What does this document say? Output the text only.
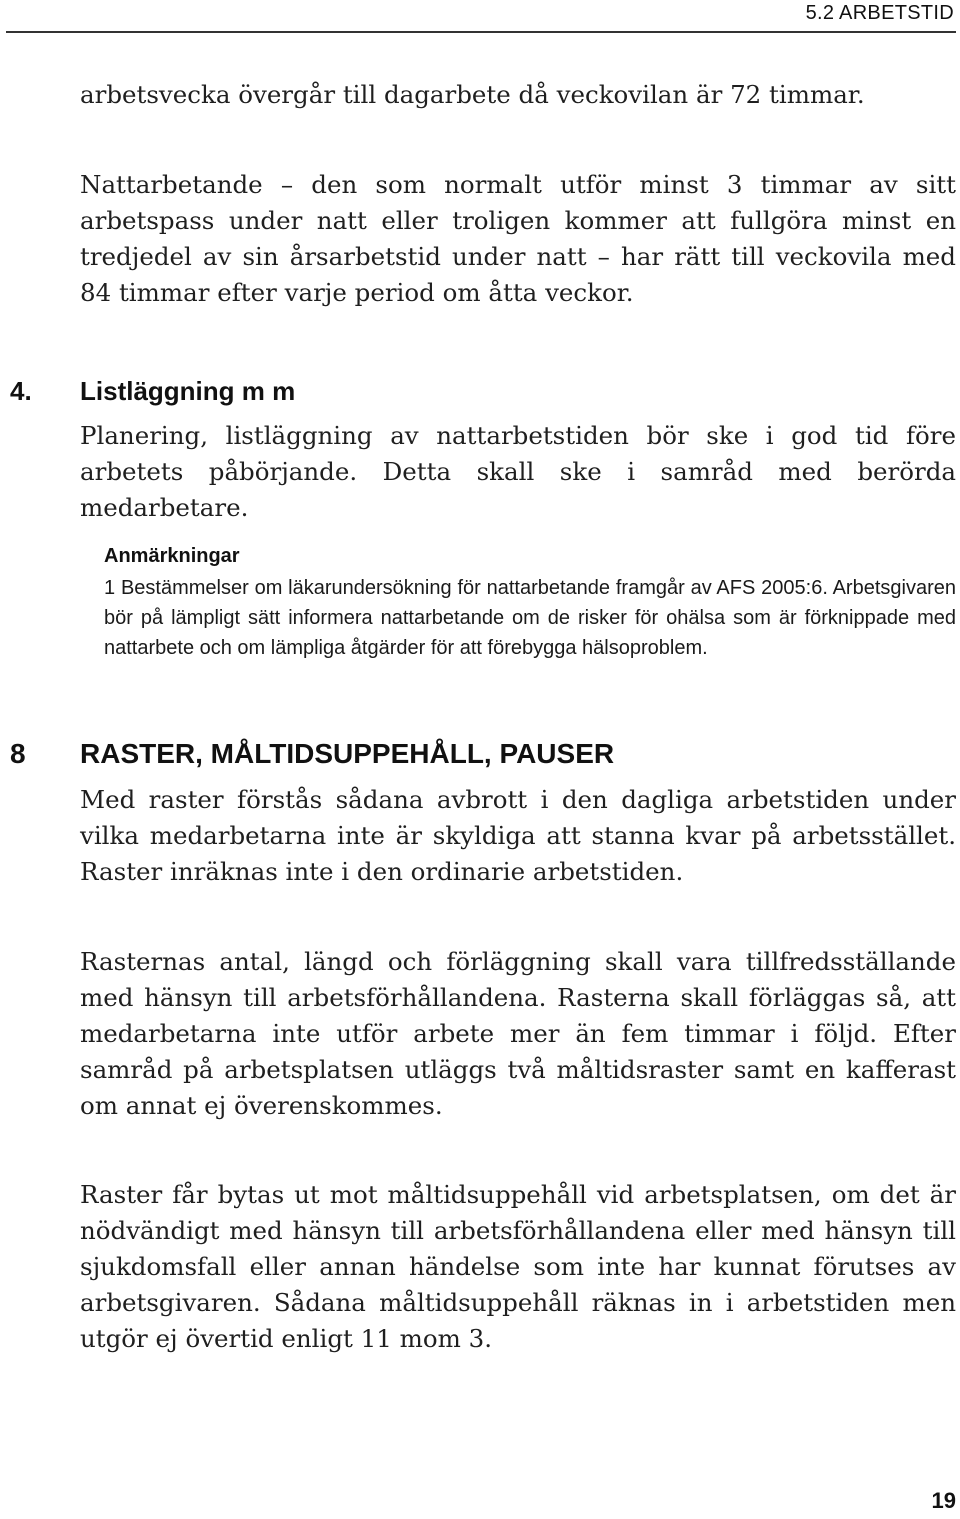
5.2 ARBETSTID

arbetsvecka övergår till dagarbete då veckovilan är 72 timmar.

Nattarbetande – den som normalt utför minst 3 timmar av sitt arbetspass under natt eller troligen kommer att fullgöra minst en tredjedel av sin årsarbetstid under natt – har rätt till veckovila med 84 timmar efter varje period om åtta veckor.

4. Listläggning m m

Planering, listläggning av nattarbetstiden bör ske i god tid före arbetets påbörjande. Detta skall ske i samråd med berörda medarbetare.

Anmärkningar

1 Bestämmelser om läkarundersökning för nattarbetande framgår av AFS 2005:6. Arbetsgivaren bör på lämpligt sätt informera nattarbetande om de risker för ohälsa som är förknippade med nattarbete och om lämpliga åtgärder för att förebygga hälsoproblem.

8 RASTER, MÅLTIDSUPPEHÅLL, PAUSER

Med raster förstås sådana avbrott i den dagliga arbetstiden under vilka medarbetarna inte är skyldiga att stanna kvar på arbetsstället. Raster inräknas inte i den ordinarie arbetstiden.

Rasternas antal, längd och förläggning skall vara tillfredsställande med hänsyn till arbetsförhållandena. Rasterna skall förläggas så, att medarbetarna inte utför arbete mer än fem timmar i följd. Efter samråd på arbetsplatsen utläggs två måltidsraster samt en kafferast om annat ej överenskommes.

Raster får bytas ut mot måltidsuppehåll vid arbetsplatsen, om det är nödvändigt med hänsyn till arbetsförhållandena eller med hänsyn till sjukdomsfall eller annan händelse som inte har kunnat förutses av arbetsgivaren. Sådana måltidsuppehåll räknas in i arbetstiden men utgör ej övertid enligt 11 mom 3.

19
